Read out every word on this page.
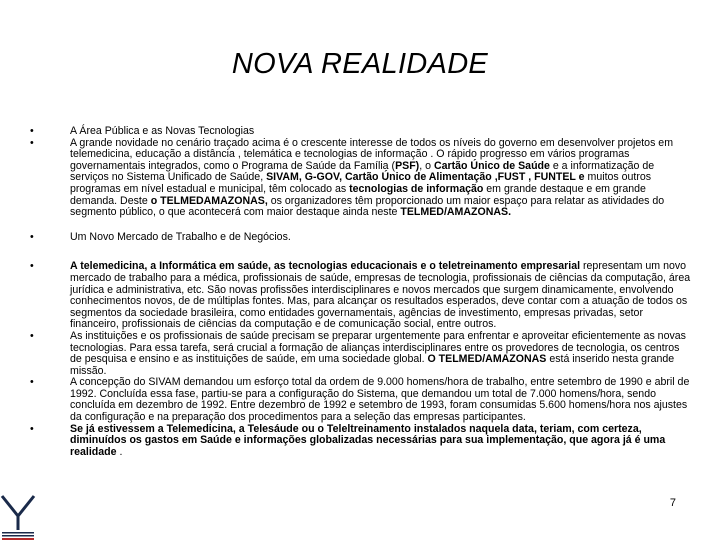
NOVA REALIDADE
•	A Área Pública e as Novas Tecnologias
•	A grande novidade no cenário traçado acima é o crescente interesse de todos os níveis do governo em desenvolver projetos em telemedicina, educação a distância , telemática e tecnologias de informação . O rápido progresso em vários programas governamentais integrados, como o Programa de Saúde da Família (PSF), o Cartão Único de Saúde e a informatização de serviços no Sistema Unificado de Saúde, SIVAM, G-GOV, Cartão Único de Alimentação ,FUST , FUNTEL e muitos outros programas em nível estadual e municipal, têm colocado as tecnologias de informação em grande destaque e em grande demanda. Deste o TELMEDAMAZONAS, os organizadores têm proporcionado um maior espaço para relatar as atividades do segmento público, o que acontecerá com maior destaque ainda neste TELMED/AMAZONAS.
•	Um Novo Mercado de Trabalho e de Negócios.
•	A telemedicina, a Informática em saúde, as tecnologias educacionais e o teletreinamento empresarial representam um novo mercado de trabalho para a médica, profissionais de saúde, empresas de tecnologia, profissionais de ciências da computação, área jurídica e administrativa, etc. São novas profissões interdisciplinares e novos mercados que surgem dinamicamente, envolvendo conhecimentos novos, de de múltiplas fontes. Mas, para alcançar os resultados esperados, deve contar com a atuação de todos os segmentos da sociedade brasileira, como entidades governamentais, agências de investimento, empresas privadas, setor financeiro, profissionais de ciências da computação e de comunicação social, entre outros.
•	As instituições e os profissionais de saúde precisam se preparar urgentemente para enfrentar e aproveitar eficientemente as novas tecnologias. Para essa tarefa, será crucial a formação de alianças interdisciplinares entre os provedores de tecnologia, os centros de pesquisa e ensino e as instituições de saúde, em uma sociedade global. O TELMED/AMAZONAS está inserido nesta grande missão.
•	A concepção do SIVAM demandou um esforço total da ordem de 9.000 homens/hora de trabalho, entre setembro de 1990 e abril de 1992. Concluída essa fase, partiu-se para a configuração do Sistema, que demandou um total de 7.000 homens/hora, sendo concluída em dezembro de 1992. Entre dezembro de 1992 e setembro de 1993, foram consumidas 5.600 homens/hora nos ajustes da configuração e na preparação dos procedimentos para a seleção das empresas participantes.
•	Se já estivessem a Telemedicina, a Telesáude ou o Teleltreinamento instalados naquela data, teriam, com certeza, diminuídos os gastos em Saúde e informações globalizadas necessárias para sua implementação, que agora já é uma realidade .
7
